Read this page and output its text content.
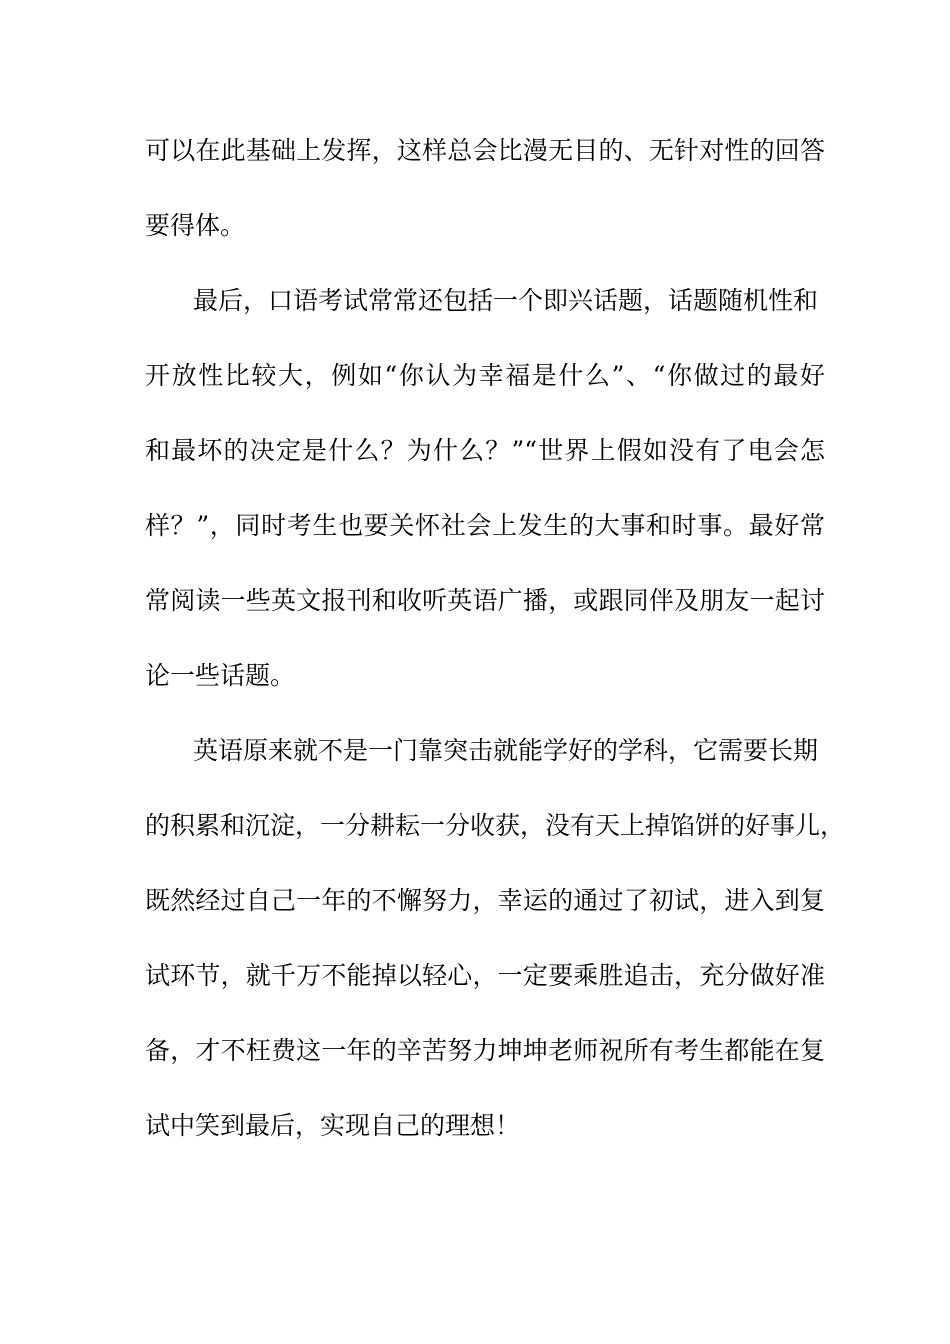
可以在此基础上发挥，这样总会比漫无目的、无针对性的回答
要得体。
最后，口语考试常常还包括一个即兴话题，话题随机性和
开放性比较大，例如“你认为幸福是什么”、“你做过的最好
和最坏的决定是什么？为什么？”“世界上假如没有了电会怎
样？”，同时考生也要关怀社会上发生的大事和时事。最好常
常阅读一些英文报刊和收听英语广播，或跟同伴及朋友一起讨
论一些话题。
英语原来就不是一门靠突击就能学好的学科，它需要长期
的积累和沉淀，一分耕耘一分收获，没有天上掉馅饼的好事儿，
既然经过自己一年的不懈努力，幸运的通过了初试，进入到复
试环节，就千万不能掉以轻心，一定要乘胜追击，充分做好准
备，才不枉费这一年的辛苦努力坤坤老师祝所有考生都能在复
试中笑到最后，实现自己的理想！
